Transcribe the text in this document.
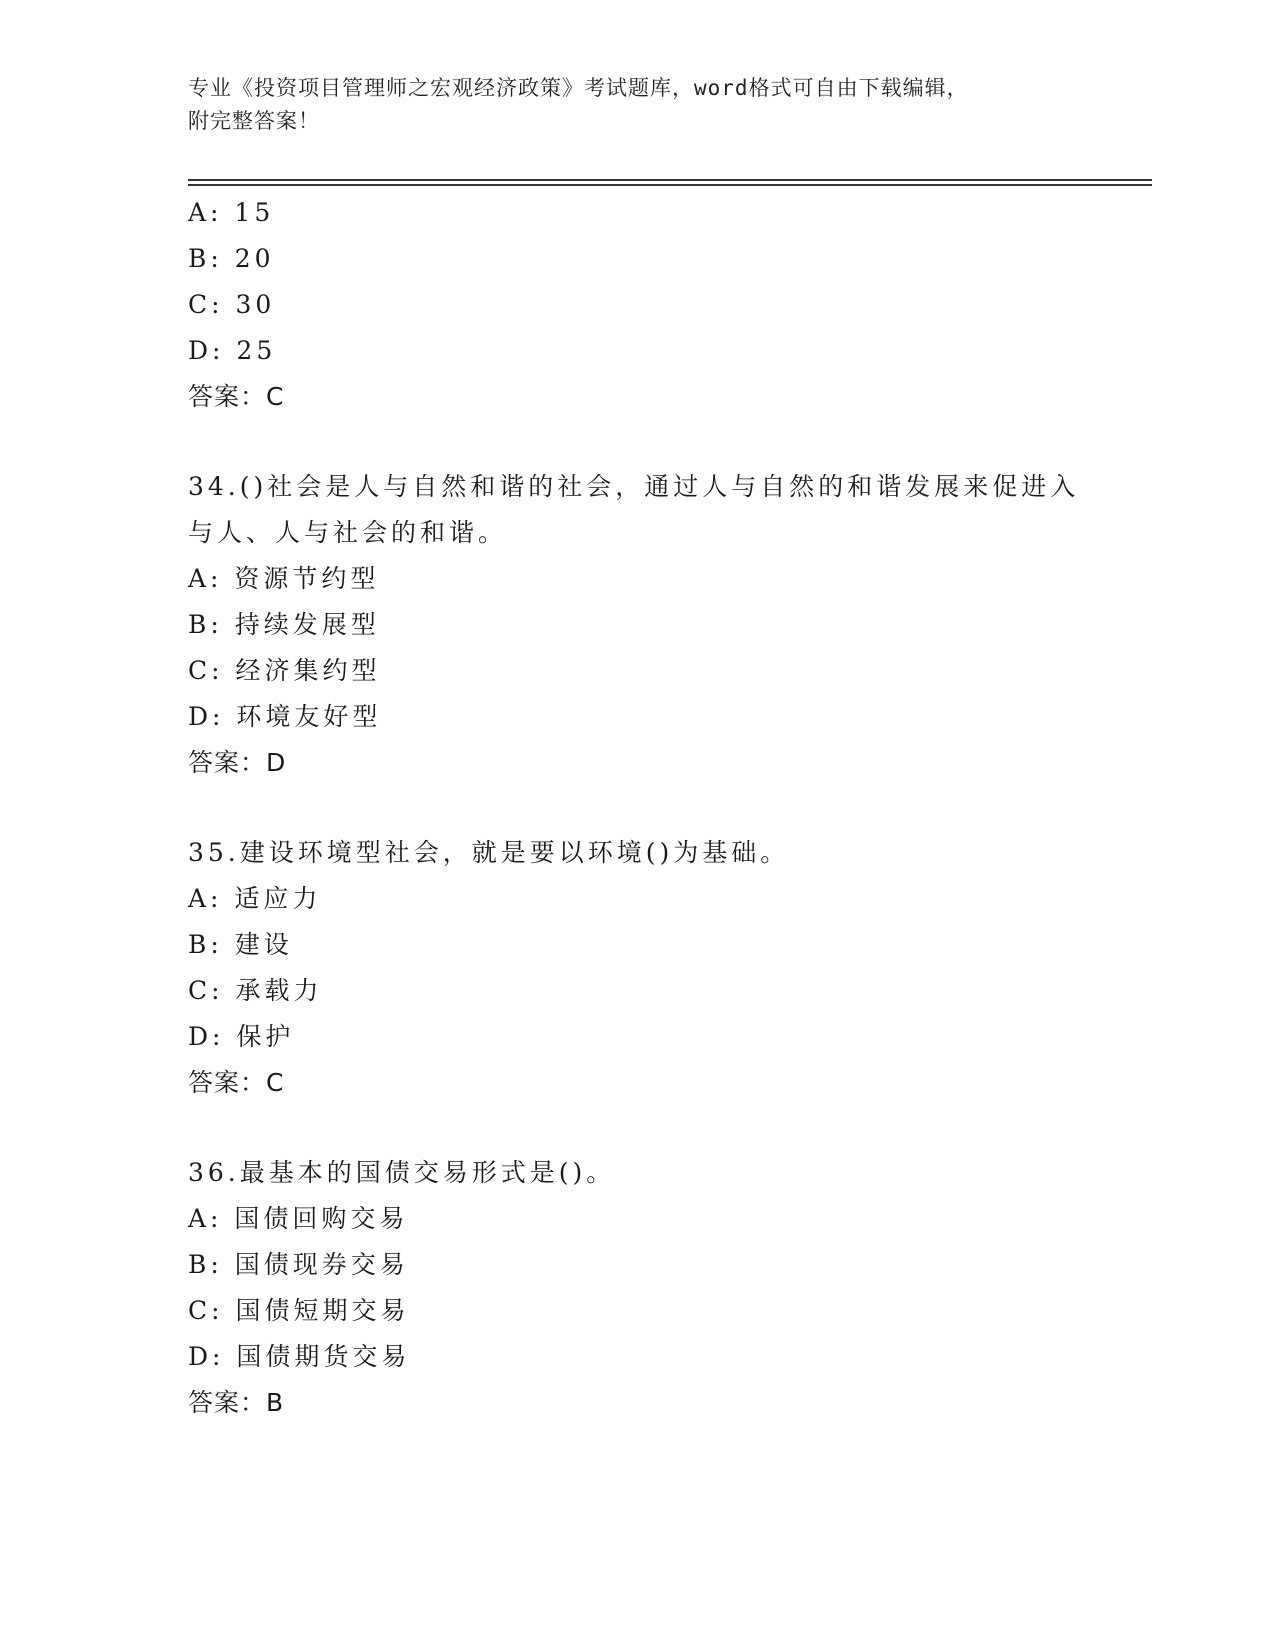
专业《投资项目管理师之宏观经济政策》考试题库，word格式可自由下载编辑，
附完整答案！
A: 15
B: 20
C: 30
D: 25
答案：C
34.()社会是人与自然和谐的社会，通过人与自然的和谐发展来促进入
与人、人与社会的和谐。
A: 资源节约型
B: 持续发展型
C: 经济集约型
D: 环境友好型
答案：D
35.建设环境型社会，就是要以环境()为基础。
A: 适应力
B: 建设
C: 承载力
D: 保护
答案：C
36.最基本的国债交易形式是()。
A: 国债回购交易
B: 国债现券交易
C: 国债短期交易
D: 国债期货交易
答案：B
